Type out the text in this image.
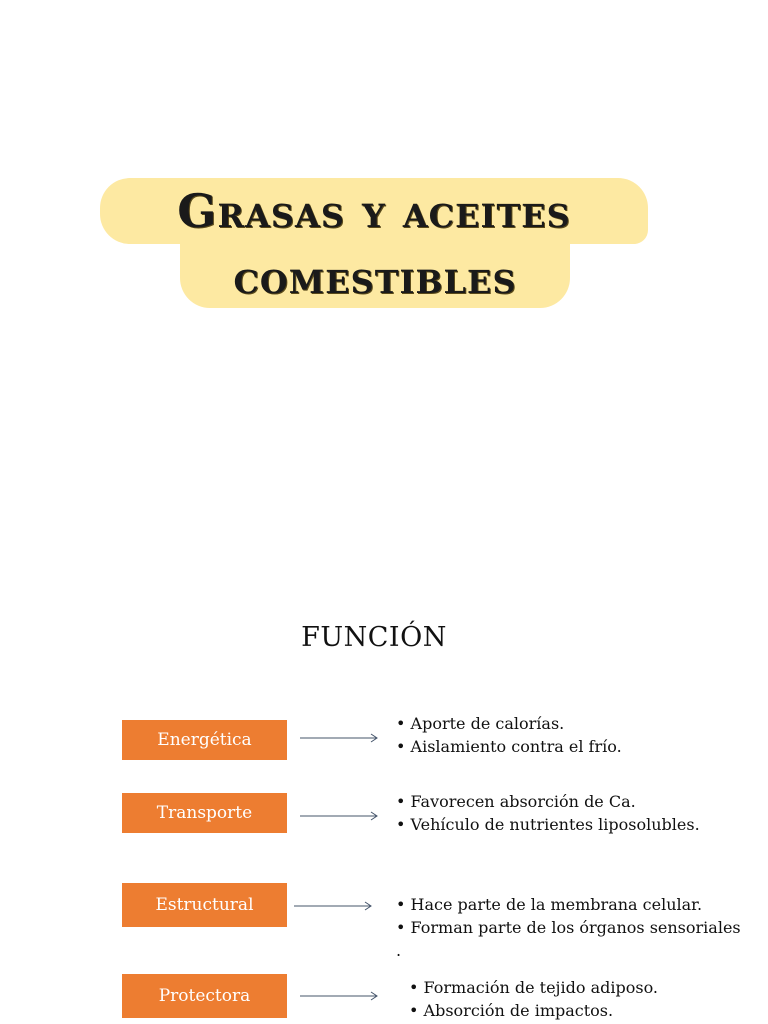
Grasas y aceites
comestibles
FUNCIÓN
Energética
• Aporte de calorías.
• Aislamiento contra el frío.
Transporte
• Favorecen absorción de Ca.
• Vehículo de nutrientes liposolubles.
Estructural	• Hace parte de la membrana celular.
• Forman parte de los órganos sensoriales .
Protectora	• Formación de tejido adiposo.
• Absorción de impactos.
